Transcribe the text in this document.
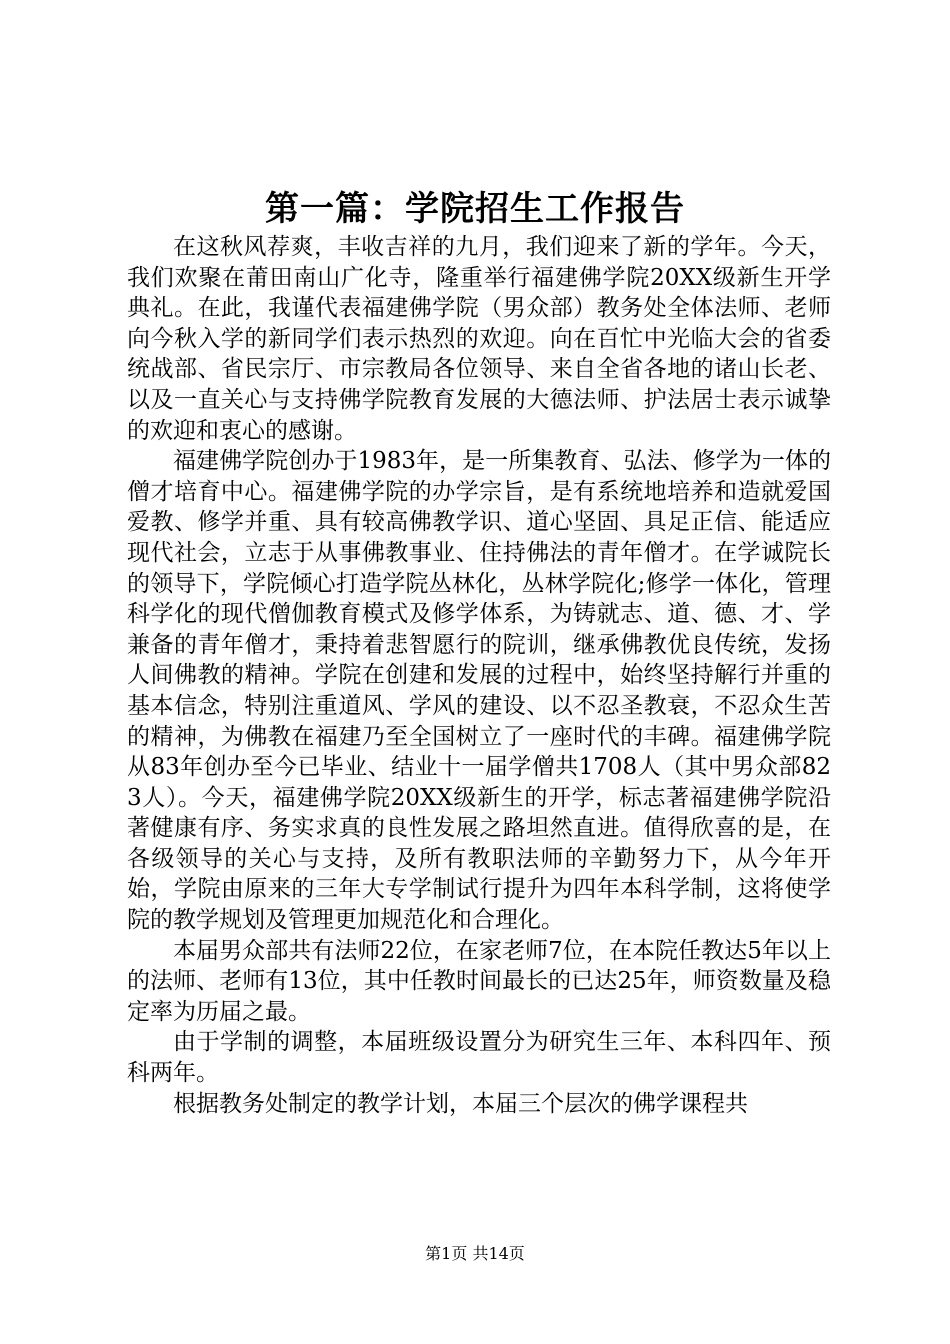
第一篇：学院招生工作报告

在这秋风荐爽，丰收吉祥的九月，我们迎来了新的学年。今天，我们欢聚在莆田南山广化寺，隆重举行福建佛学院20XX级新生开学典礼。在此，我谨代表福建佛学院（男众部）教务处全体法师、老师向今秋入学的新同学们表示热烈的欢迎。向在百忙中光临大会的省委统战部、省民宗厅、市宗教局各位领导、来自全省各地的诸山长老、以及一直关心与支持佛学院教育发展的大德法师、护法居士表示诚挚的欢迎和衷心的感谢。

福建佛学院创办于1983年，是一所集教育、弘法、修学为一体的僧才培育中心。福建佛学院的办学宗旨，是有系统地培养和造就爱国爱教、修学并重、具有较高佛教学识、道心坚固、具足正信、能适应现代社会，立志于从事佛教事业、住持佛法的青年僧才。在学诚院长的领导下，学院倾心打造学院丛林化，丛林学院化;修学一体化，管理科学化的现代僧伽教育模式及修学体系，为铸就志、道、德、才、学兼备的青年僧才，秉持着悲智愿行的院训，继承佛教优良传统，发扬人间佛教的精神。学院在创建和发展的过程中，始终坚持解行并重的基本信念，特别注重道风、学风的建设、以不忍圣教衰，不忍众生苦的精神，为佛教在福建乃至全国树立了一座时代的丰碑。福建佛学院从83年创办至今已毕业、结业十一届学僧共1708人（其中男众部823人）。今天，福建佛学院20XX级新生的开学，标志著福建佛学院沿著健康有序、务实求真的良性发展之路坦然直进。值得欣喜的是，在各级领导的关心与支持，及所有教职法师的辛勤努力下，从今年开始，学院由原来的三年大专学制试行提升为四年本科学制，这将使学院的教学规划及管理更加规范化和合理化。

本届男众部共有法师22位，在家老师7位，在本院任教达5年以上的法师、老师有13位，其中任教时间最长的已达25年，师资数量及稳定率为历届之最。

由于学制的调整，本届班级设置分为研究生三年、本科四年、预科两年。

根据教务处制定的教学计划，本届三个层次的佛学课程共

第1页 共14页
